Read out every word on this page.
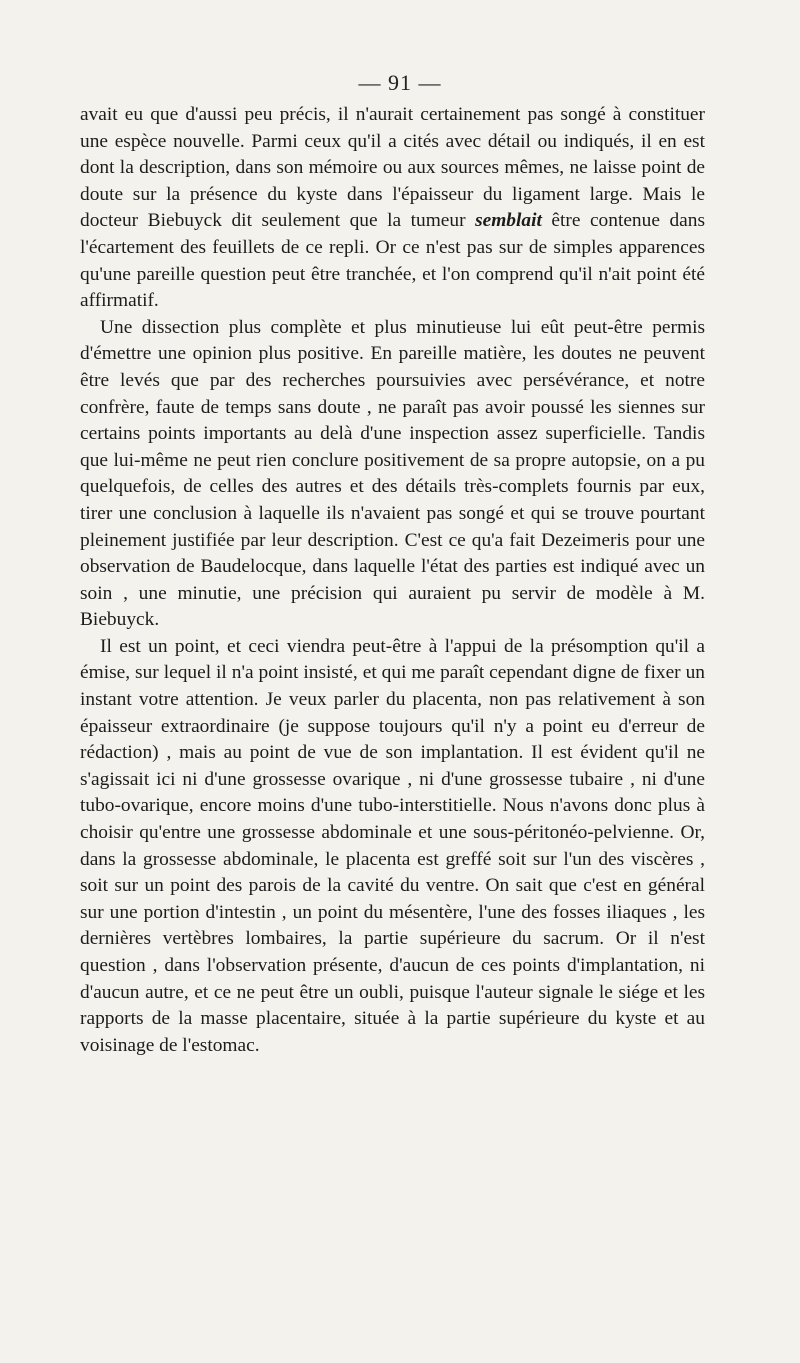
— 91 —

avait eu que d'aussi peu précis, il n'aurait certainement pas songé à constituer une espèce nouvelle. Parmi ceux qu'il a cités avec détail ou indiqués, il en est dont la description, dans son mémoire ou aux sources mêmes, ne laisse point de doute sur la présence du kyste dans l'épaisseur du ligament large. Mais le docteur Biebuyck dit seulement que la tumeur semblait être contenue dans l'écartement des feuillets de ce repli. Or ce n'est pas sur de simples apparences qu'une pareille question peut être tranchée, et l'on comprend qu'il n'ait point été affirmatif.

Une dissection plus complète et plus minutieuse lui eût peut-être permis d'émettre une opinion plus positive. En pareille matière, les doutes ne peuvent être levés que par des recherches poursuivies avec persévérance, et notre confrère, faute de temps sans doute , ne paraît pas avoir poussé les siennes sur certains points importants au delà d'une inspection assez superficielle. Tandis que lui-même ne peut rien conclure positivement de sa propre autopsie, on a pu quelquefois, de celles des autres et des détails très-complets fournis par eux, tirer une conclusion à laquelle ils n'avaient pas songé et qui se trouve pourtant pleinement justifiée par leur description. C'est ce qu'a fait Dezeimeris pour une observation de Baudelocque, dans laquelle l'état des parties est indiqué avec un soin , une minutie, une précision qui auraient pu servir de modèle à M. Biebuyck.

Il est un point, et ceci viendra peut-être à l'appui de la présomption qu'il a émise, sur lequel il n'a point insisté, et qui me paraît cependant digne de fixer un instant votre attention. Je veux parler du placenta, non pas relativement à son épaisseur extraordinaire (je suppose toujours qu'il n'y a point eu d'erreur de rédaction) , mais au point de vue de son implantation. Il est évident qu'il ne s'agissait ici ni d'une grossesse ovarique , ni d'une grossesse tubaire , ni d'une tubo-ovarique, encore moins d'une tubo-interstitielle. Nous n'avons donc plus à choisir qu'entre une grossesse abdominale et une sous-péritonéo-pelvienne. Or, dans la grossesse abdominale, le placenta est greffé soit sur l'un des viscères , soit sur un point des parois de la cavité du ventre. On sait que c'est en général sur une portion d'intestin , un point du mésentère, l'une des fosses iliaques , les dernières vertèbres lombaires, la partie supérieure du sacrum. Or il n'est question , dans l'observation présente, d'aucun de ces points d'implantation, ni d'aucun autre, et ce ne peut être un oubli, puisque l'auteur signale le siége et les rapports de la masse placentaire, située à la partie supérieure du kyste et au voisinage de l'estomac.
